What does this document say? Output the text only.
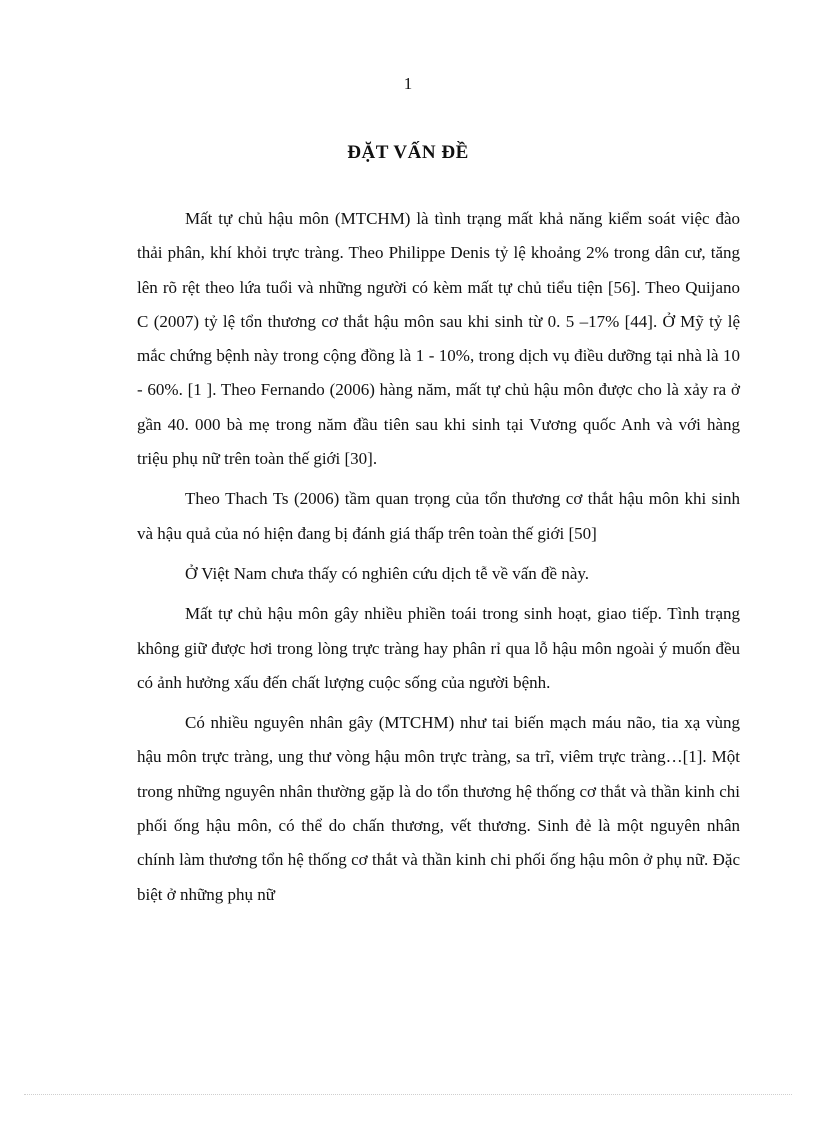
1
ĐẶT VẤN ĐỀ

Mất tự chủ hậu môn (MTCHM) là tình trạng mất khả năng kiểm soát việc đào thải phân, khí khỏi trực tràng. Theo Philippe Denis tỷ lệ khoảng 2% trong dân cư, tăng lên rõ rệt theo lứa tuổi và những người có kèm mất tự chủ tiểu tiện [56]. Theo Quijano C (2007) tỷ lệ tổn thương cơ thắt hậu môn sau khi sinh từ 0. 5 –17% [44]. Ở Mỹ tỷ lệ mắc chứng bệnh này trong cộng đồng là 1 - 10%, trong dịch vụ điều dưỡng tại nhà là 10 - 60%. [1 ]. Theo Fernando (2006) hàng năm, mất tự chủ hậu môn được cho là xảy ra ở gần 40. 000 bà mẹ trong năm đầu tiên sau khi sinh tại Vương quốc Anh và với hàng triệu phụ nữ trên toàn thế giới [30].

Theo Thach Ts (2006) tầm quan trọng của tổn thương cơ thắt hậu môn khi sinh và hậu quả của nó hiện đang bị đánh giá thấp trên toàn thế giới [50]

Ở Việt Nam chưa thấy có nghiên cứu dịch tễ về vấn đề này.

Mất tự chủ hậu môn gây nhiều phiền toái trong sinh hoạt, giao tiếp. Tình trạng không giữ được hơi trong lòng trực tràng hay phân rỉ qua lỗ hậu môn ngoài ý muốn đều có ảnh hưởng xấu đến chất lượng cuộc sống của người bệnh.

Có nhiều nguyên nhân gây (MTCHM) như tai biến mạch máu não, tia xạ vùng hậu môn trực tràng, ung thư vòng hậu môn trực tràng, sa trĩ, viêm trực tràng…[1]. Một trong những nguyên nhân thường gặp là do tổn thương hệ thống cơ thắt và thần kinh chi phối ống hậu môn, có thể do chấn thương, vết thương. Sinh đẻ là một nguyên nhân chính làm thương tổn hệ thống cơ thắt và thần kinh chi phối ống hậu môn ở phụ nữ. Đặc biệt ở những phụ nữ
